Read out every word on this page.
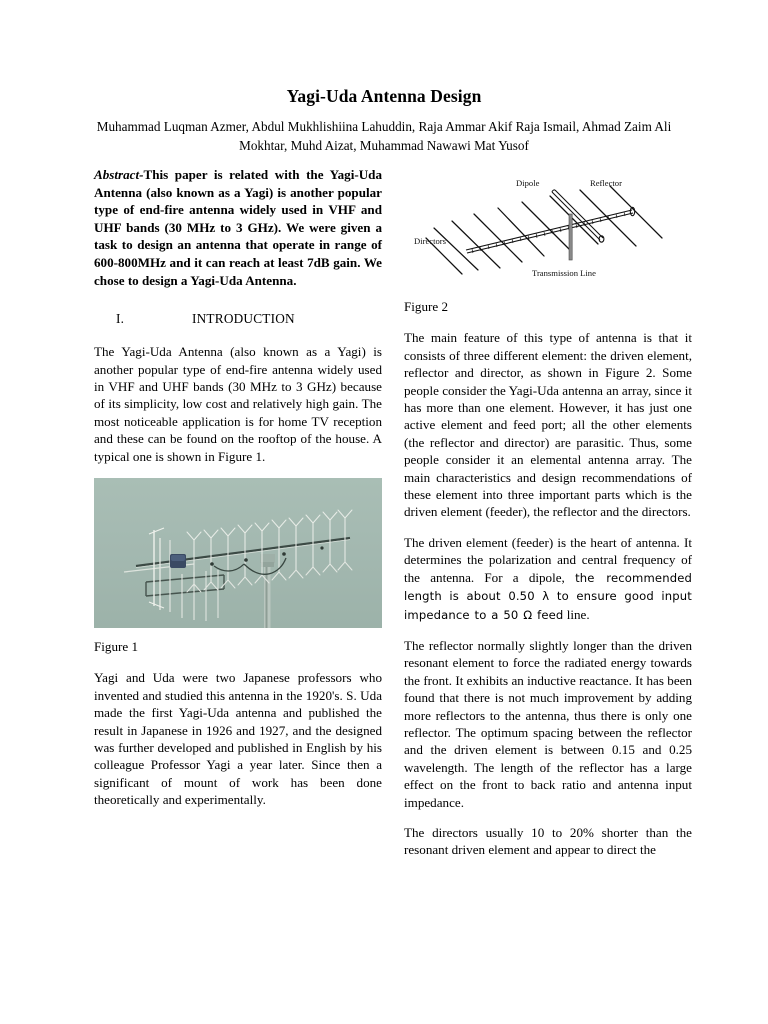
Yagi-Uda Antenna Design
Muhammad Luqman Azmer, Abdul Mukhlishiina Lahuddin, Raja Ammar Akif Raja Ismail, Ahmad Zaim Ali Mokhtar, Muhd Aizat, Muhammad Nawawi Mat Yusof

Abstract-This paper is related with the Yagi-Uda Antenna (also known as a Yagi) is another popular type of end-fire antenna widely used in VHF and UHF bands (30 MHz to 3 GHz). We were given a task to design an antenna that operate in range of 600-800MHz and it can reach at least 7dB gain. We chose to design a Yagi-Uda Antenna.

I.	INTRODUCTION

The Yagi-Uda Antenna (also known as a Yagi) is another popular type of end-fire antenna widely used in VHF and UHF bands (30 MHz to 3 GHz) because of its simplicity, low cost and relatively high gain. The most noticeable application is for home TV reception and these can be found on the rooftop of the house. A typical one is shown in Figure 1.

Figure 1

Yagi and Uda were two Japanese professors who invented and studied this antenna in the 1920's. S. Uda made the first Yagi-Uda antenna and published the result in Japanese in 1926 and 1927, and the designed was further developed and published in English by his colleague Professor Yagi a year later. Since then a significant of mount of work has been done theoretically and experimentally.

Dipole	Reflector
Directors
Transmission Line
Figure 2

The main feature of this type of antenna is that it consists of three different element: the driven element, reflector and director, as shown in Figure 2. Some people consider the Yagi-Uda antenna an array, since it has more than one element. However, it has just one active element and feed port; all the other elements (the reflector and director) are parasitic. Thus, some people consider it an elemental antenna array. The main characteristics and design recommendations of these element into three important parts which is the driven element (feeder), the reflector and the directors.

The driven element (feeder) is the heart of antenna. It determines the polarization and central frequency of the antenna. For a dipole, the recommended length is about 0.50 λ to ensure good input impedance to a 50 Ω feed line.

The reflector normally slightly longer than the driven resonant element to force the radiated energy towards the front. It exhibits an inductive reactance. It has been found that there is not much improvement by adding more reflectors to the antenna, thus there is only one reflector. The optimum spacing between the reflector and the driven element is between 0.15 and 0.25 wavelength. The length of the reflector has a large effect on the front to back ratio and antenna input impedance.

The directors usually 10 to 20% shorter than the resonant driven element and appear to direct the
